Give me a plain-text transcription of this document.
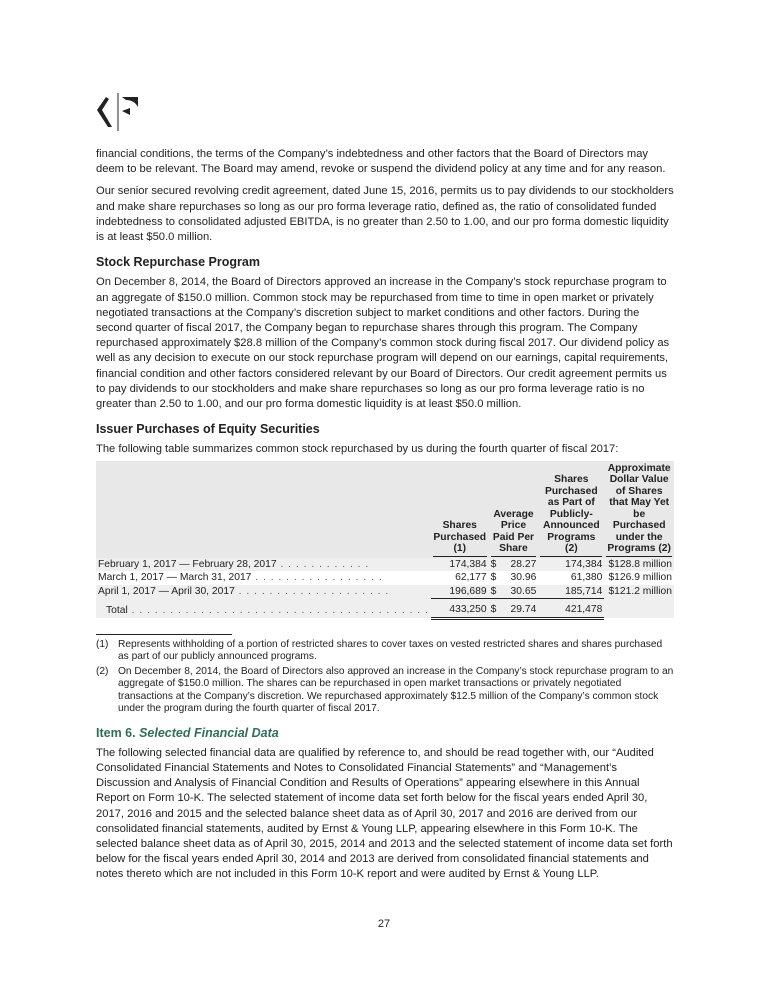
financial conditions, the terms of the Company’s indebtedness and other factors that the Board of Directors may deem to be relevant. The Board may amend, revoke or suspend the dividend policy at any time and for any reason.

Our senior secured revolving credit agreement, dated June 15, 2016, permits us to pay dividends to our stockholders and make share repurchases so long as our pro forma leverage ratio, defined as, the ratio of consolidated funded indebtedness to consolidated adjusted EBITDA, is no greater than 2.50 to 1.00, and our pro forma domestic liquidity is at least $50.0 million.

Stock Repurchase Program

On December 8, 2014, the Board of Directors approved an increase in the Company’s stock repurchase program to an aggregate of $150.0 million. Common stock may be repurchased from time to time in open market or privately negotiated transactions at the Company’s discretion subject to market conditions and other factors. During the second quarter of fiscal 2017, the Company began to repurchase shares through this program. The Company repurchased approximately $28.8 million of the Company’s common stock during fiscal 2017. Our dividend policy as well as any decision to execute on our stock repurchase program will depend on our earnings, capital requirements, financial condition and other factors considered relevant by our Board of Directors. Our credit agreement permits us to pay dividends to our stockholders and make share repurchases so long as our pro forma leverage ratio is no greater than 2.50 to 1.00, and our pro forma domestic liquidity is at least $50.0 million.

Issuer Purchases of Equity Securities

The following table summarizes common stock repurchased by us during the fourth quarter of fiscal 2017:

	Shares Purchased (1)	Average Price Paid Per Share		Shares Purchased as Part of Publicly-Announced Programs (2)	Approximate Dollar Value of Shares that May Yet be Purchased under the Programs (2)

February 1, 2017 — February 28, 2017 . . . . . . . . . . . .	174,384	$	28.27	174,384	$128.8 million
March 1, 2017 — March 31, 2017 . . . . . . . . . . . . . . . . .	62,177	$	30.96	61,380	$126.9 million
April 1, 2017 — April 30, 2017 . . . . . . . . . . . . . . . . . . . .	196,689	$	30.65	185,714	$121.2 million
Total . . . . . . . . . . . . . . . . . . . . . . . . . . . . . . . . . . . . . . .	433,250	$	29.74	421,478	
(1) Represents withholding of a portion of restricted shares to cover taxes on vested restricted shares and shares purchased as part of our publicly announced programs.
(2) On December 8, 2014, the Board of Directors also approved an increase in the Company’s stock repurchase program to an aggregate of $150.0 million. The shares can be repurchased in open market transactions or privately negotiated transactions at the Company’s discretion. We repurchased approximately $12.5 million of the Company’s common stock under the program during the fourth quarter of fiscal 2017.
Item 6. Selected Financial Data

The following selected financial data are qualified by reference to, and should be read together with, our “Audited Consolidated Financial Statements and Notes to Consolidated Financial Statements” and “Management’s Discussion and Analysis of Financial Condition and Results of Operations” appearing elsewhere in this Annual Report on Form 10-K. The selected statement of income data set forth below for the fiscal years ended April 30, 2017, 2016 and 2015 and the selected balance sheet data as of April 30, 2017 and 2016 are derived from our consolidated financial statements, audited by Ernst & Young LLP, appearing elsewhere in this Form 10-K. The selected balance sheet data as of April 30, 2015, 2014 and 2013 and the selected statement of income data set forth below for the fiscal years ended April 30, 2014 and 2013 are derived from consolidated financial statements and notes thereto which are not included in this Form 10-K report and were audited by Ernst & Young LLP.

27
